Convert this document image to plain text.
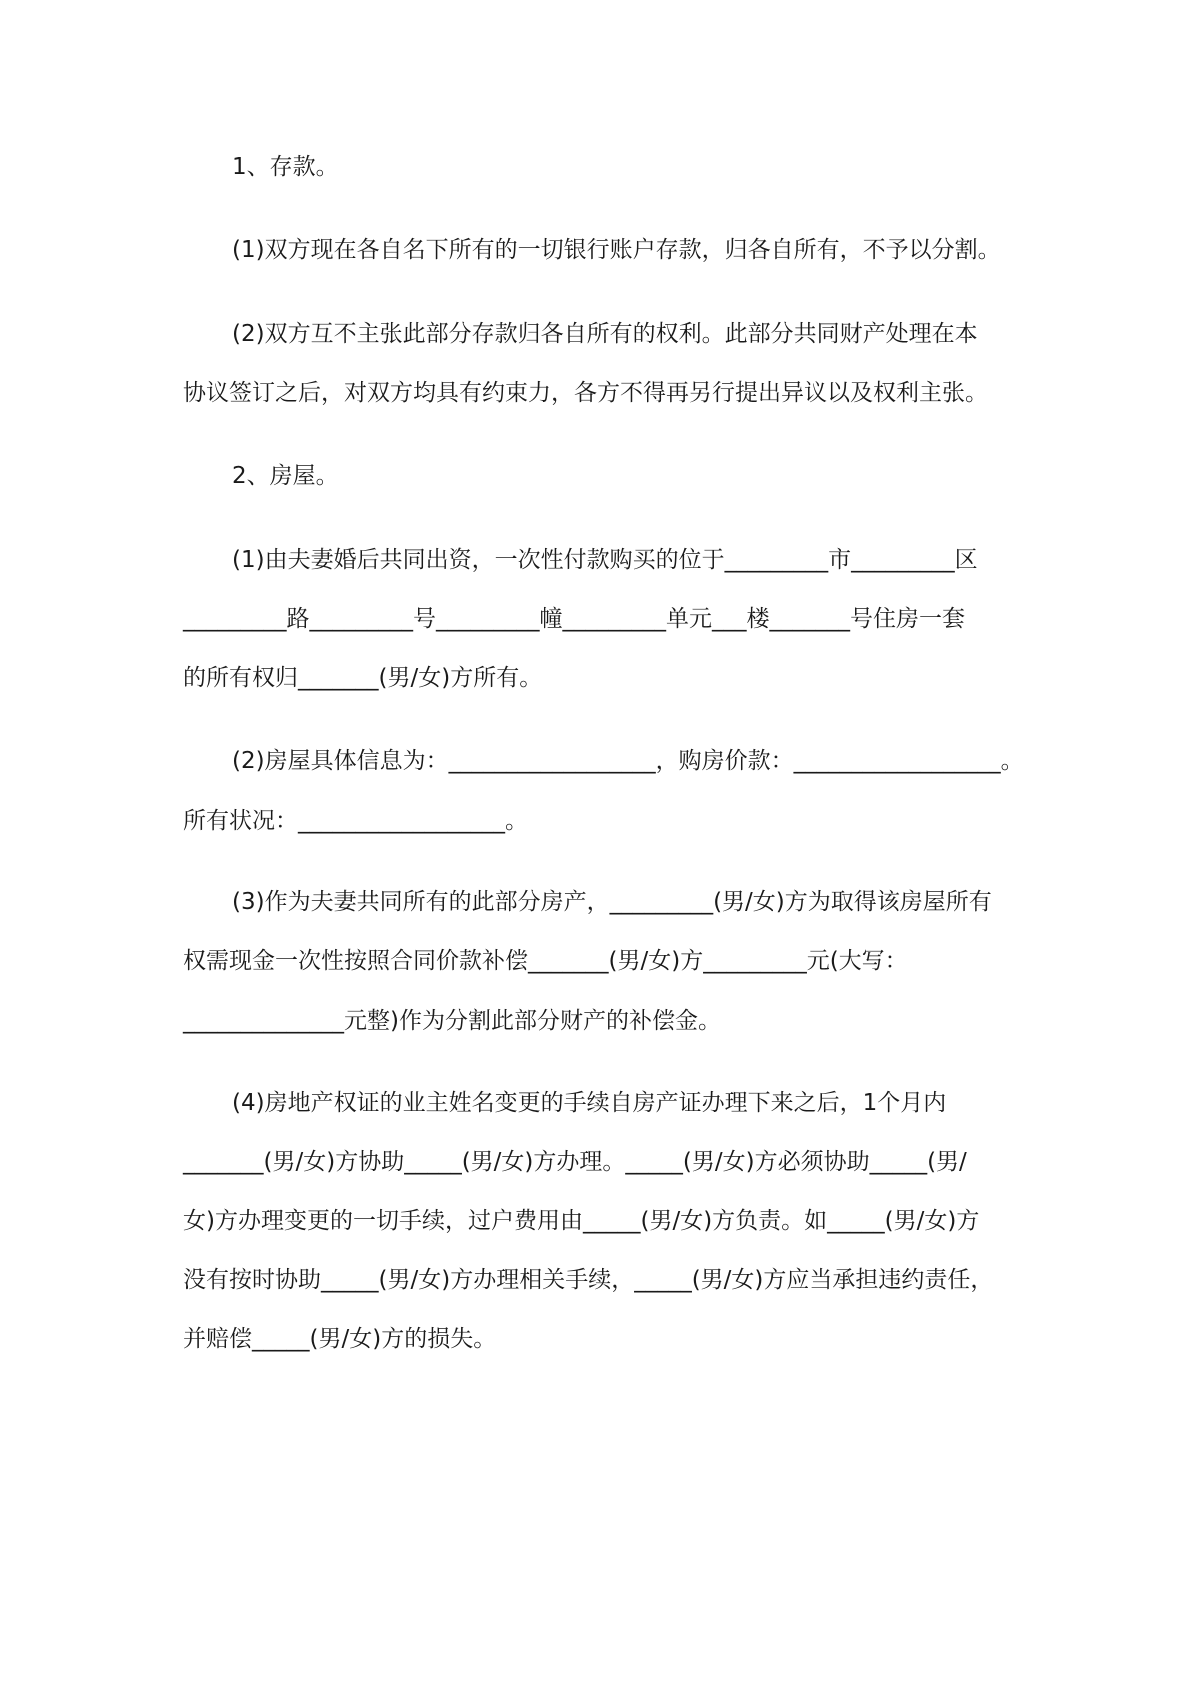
1、存款。
(1)双方现在各自名下所有的一切银行账户存款，归各自所有，不予以分割。
(2)双方互不主张此部分存款归各自所有的权利。此部分共同财产处理在本
协议签订之后，对双方均具有约束力，各方不得再另行提出异议以及权利主张。
2、房屋。
(1)由夫妻婚后共同出资，一次性付款购买的位于_________市_________区
_________路_________号_________幢_________单元___楼_______号住房一套
的所有权归_______(男/女)方所有。
(2)房屋具体信息为：__________________，购房价款：__________________。
所有状况：__________________。
(3)作为夫妻共同所有的此部分房产，_________(男/女)方为取得该房屋所有
权需现金一次性按照合同价款补偿_______(男/女)方_________元(大写：
______________元整)作为分割此部分财产的补偿金。
(4)房地产权证的业主姓名变更的手续自房产证办理下来之后，1个月内
_______(男/女)方协助_____(男/女)方办理。_____(男/女)方必须协助_____(男/
女)方办理变更的一切手续，过户费用由_____(男/女)方负责。如_____(男/女)方
没有按时协助_____(男/女)方办理相关手续，_____(男/女)方应当承担违约责任，
并赔偿_____(男/女)方的损失。
